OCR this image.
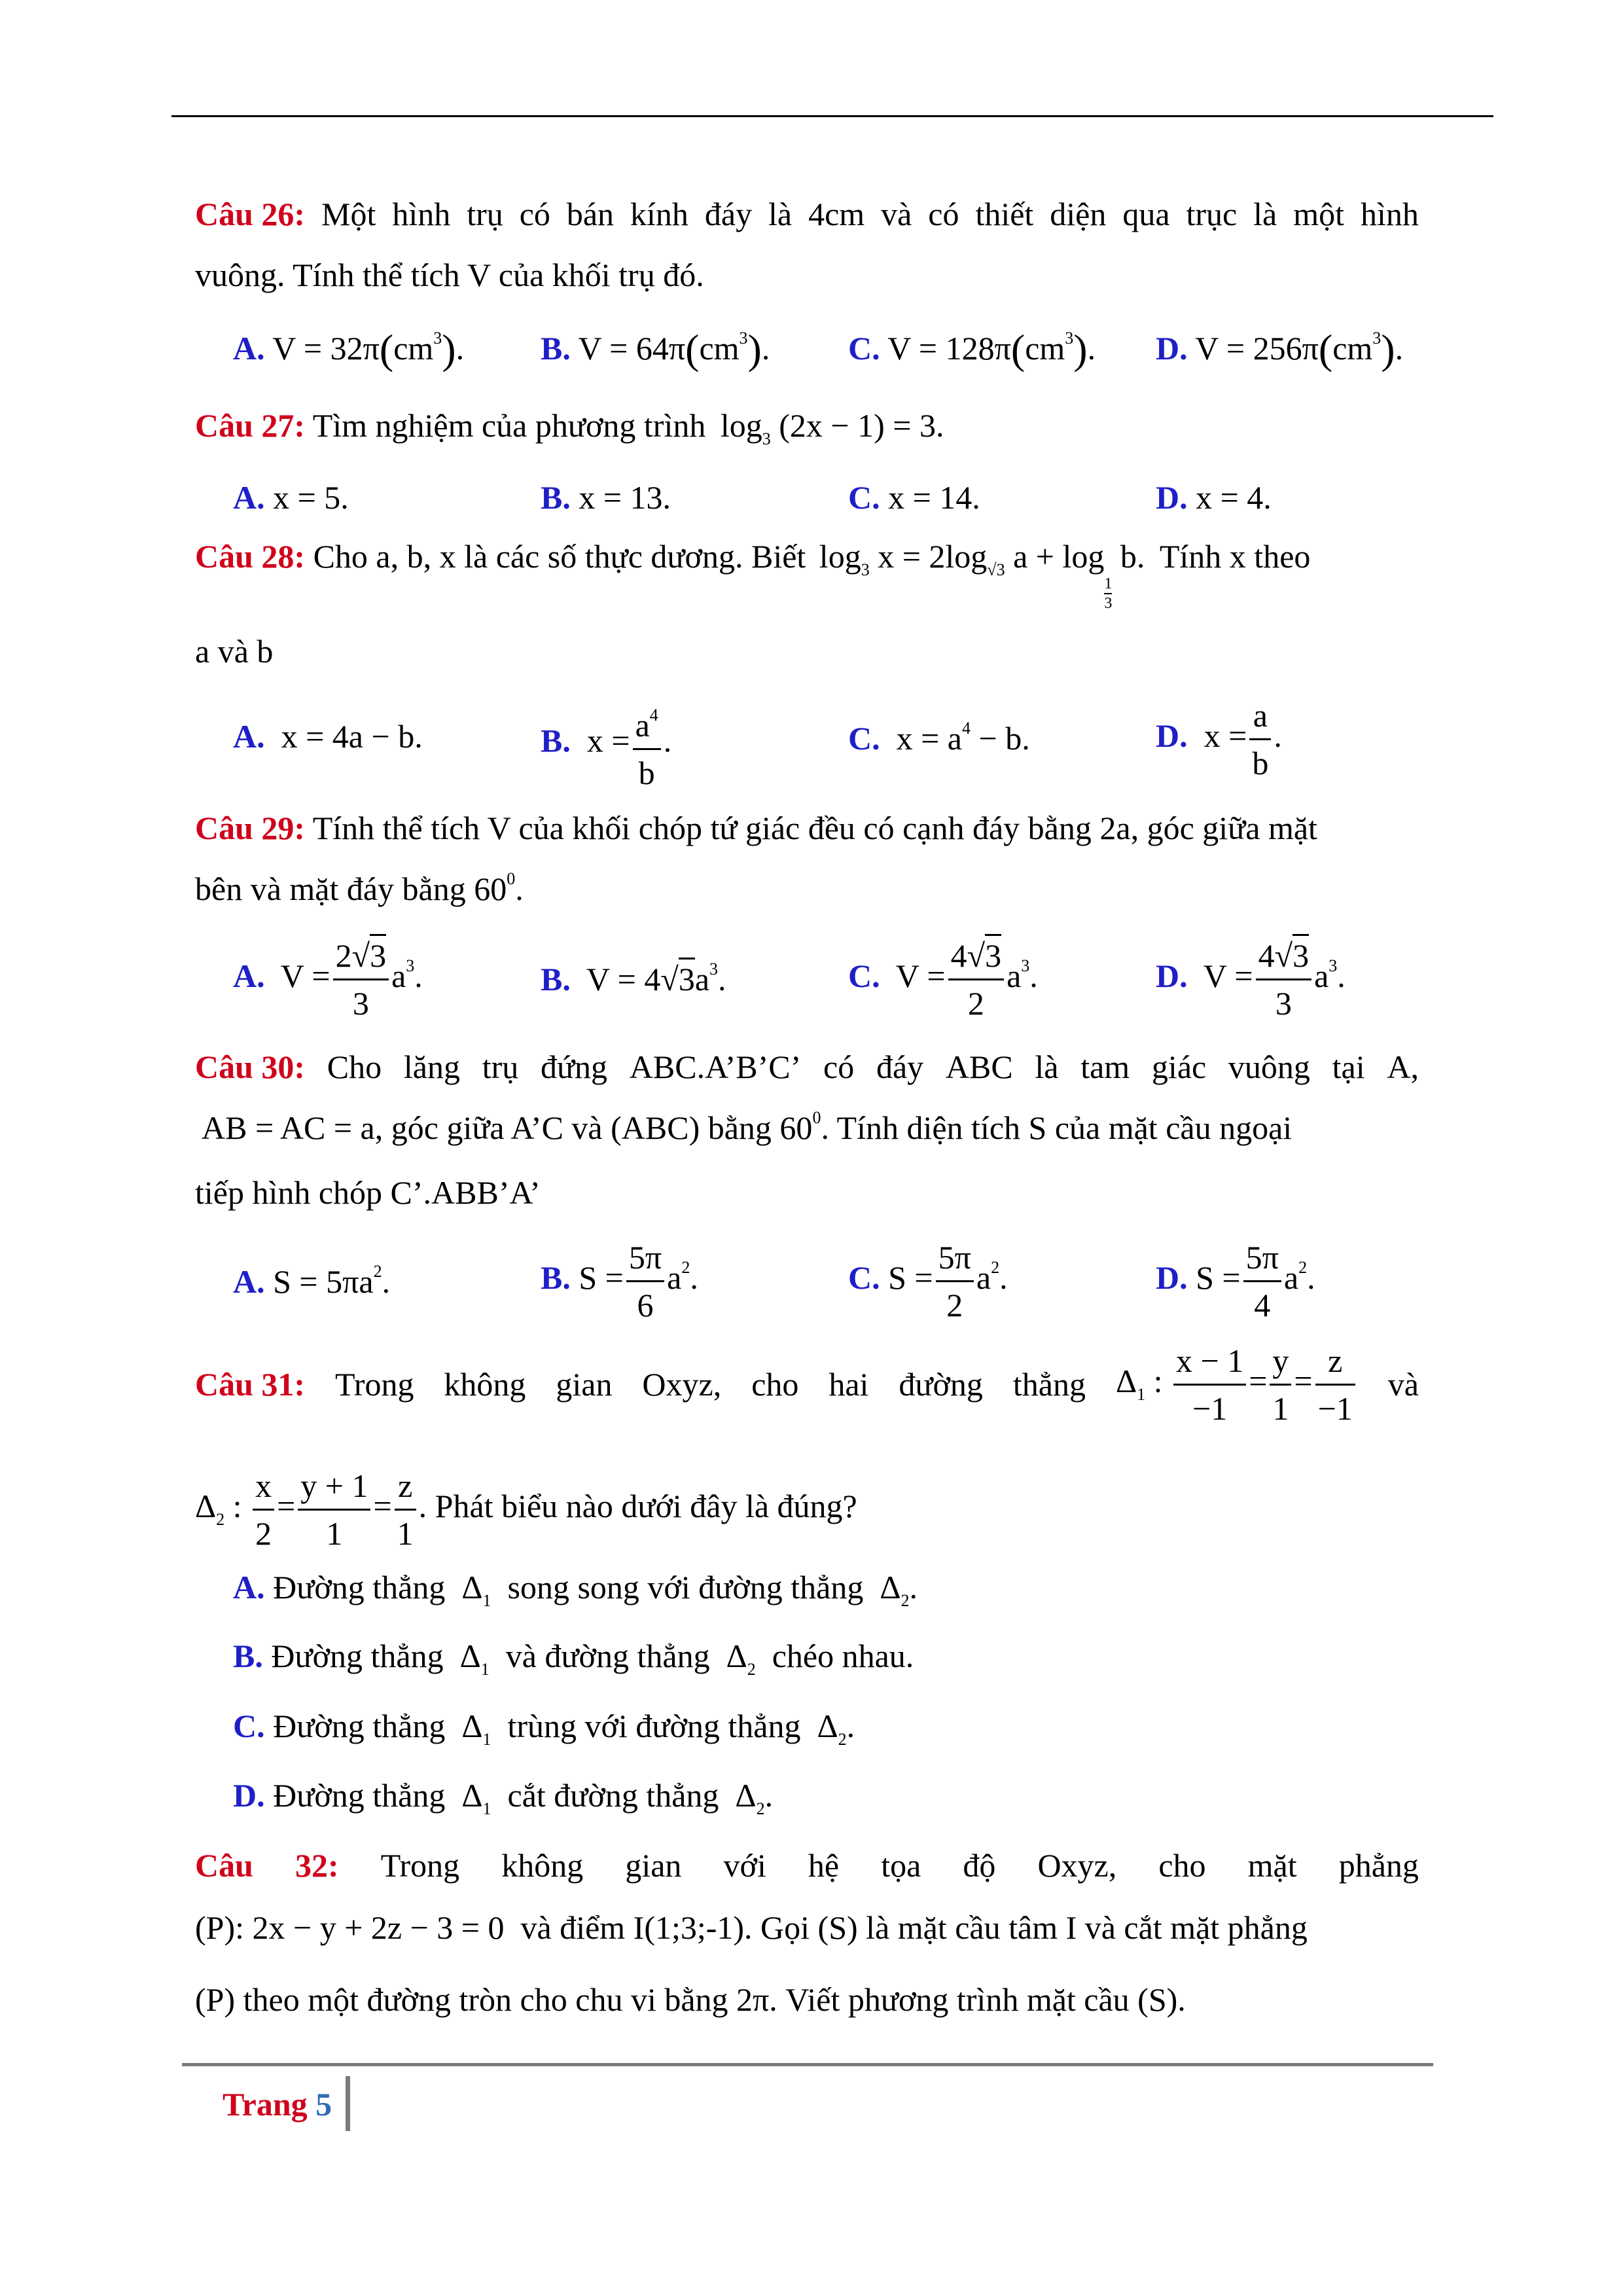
Câu 26: Một hình trụ có bán kính đáy là 4cm và có thiết diện qua trục là một hình
vuông. Tính thể tích V của khối trụ đó.
A. $V = 32\pi(cm^3)$. B. $V = 64\pi(cm^3)$. C. $V = 128\pi(cm^3)$. D. $V = 256\pi(cm^3)$.
Câu 27: Tìm nghiệm của phương trình $\log_3 (2x - 1) = 3$.
A. x = 5.	B. x = 13.	C. x = 14.	D. x = 4.
Câu 28: Cho a, b, x là các số thực dương. Biết $\log_3 x = 2\log_{√3}$ a + log
$\frac{1}{3}$
b. Tính x theo
a và b
A. x = 4a − b.	B. $x = \frac{a^4}{b}$ .	C. $x = a^4 - b$.	D. $x = \frac{a}{b}$ .
Câu 29: Tính thể tích V của khối chóp tứ giác đều có cạnh đáy bằng 2a, góc giữa mặt
bên và mặt đáy bằng $60^0$.
A. $V = \frac{2√3}{3} a^3$.	B. $V = 4√3a^3$.	C. $V = \frac{4√3}{2} a^3$.	D. $V = \frac{4√3}{3} a^3$.
Câu 30: Cho lăng trụ đứng ABC.A’B’C’ có đáy ABC là tam giác vuông tại A,
AB = AC = a, góc giữa A’C và (ABC) bằng $60^0$. Tính diện tích S của mặt cầu ngoại
tiếp hình chóp C’.ABB’A’
A. $S = 5\pi a^2$.	B. $S = \frac{5\pi}{6} a^2$.	C. $S = \frac{5\pi}{2} a^2$.	D. $S = \frac{5\pi}{4} a^2$.
Câu 31: Trong không gian Oxyz, cho hai đường thẳng $\Delta_1$ : $\frac{x - 1}{-1} = \frac{y}{1} = \frac{z}{-1}$ và
$\Delta_2$ : $\frac{x}{2} = \frac{y + 1}{1} = \frac{z}{1}$ . Phát biểu nào dưới đây là đúng?
A. Đường thẳng $\Delta_1$ song song với đường thẳng $\Delta_2$.
B. Đường thẳng $\Delta_1$ và đường thẳng $\Delta_2$ chéo nhau.
C. Đường thẳng $\Delta_1$ trùng với đường thẳng $\Delta_2$.
D. Đường thẳng $\Delta_1$ cắt đường thẳng $\Delta_2$.
Câu 32: Trong không gian với hệ tọa độ Oxyz, cho mặt phẳng
(P): 2x − y + 2z − 3 = 0 và điểm I(1;3;-1). Gọi (S) là mặt cầu tâm I và cắt mặt phẳng
(P) theo một đường tròn cho chu vi bằng 2π. Viết phương trình mặt cầu (S).
Trang 5
